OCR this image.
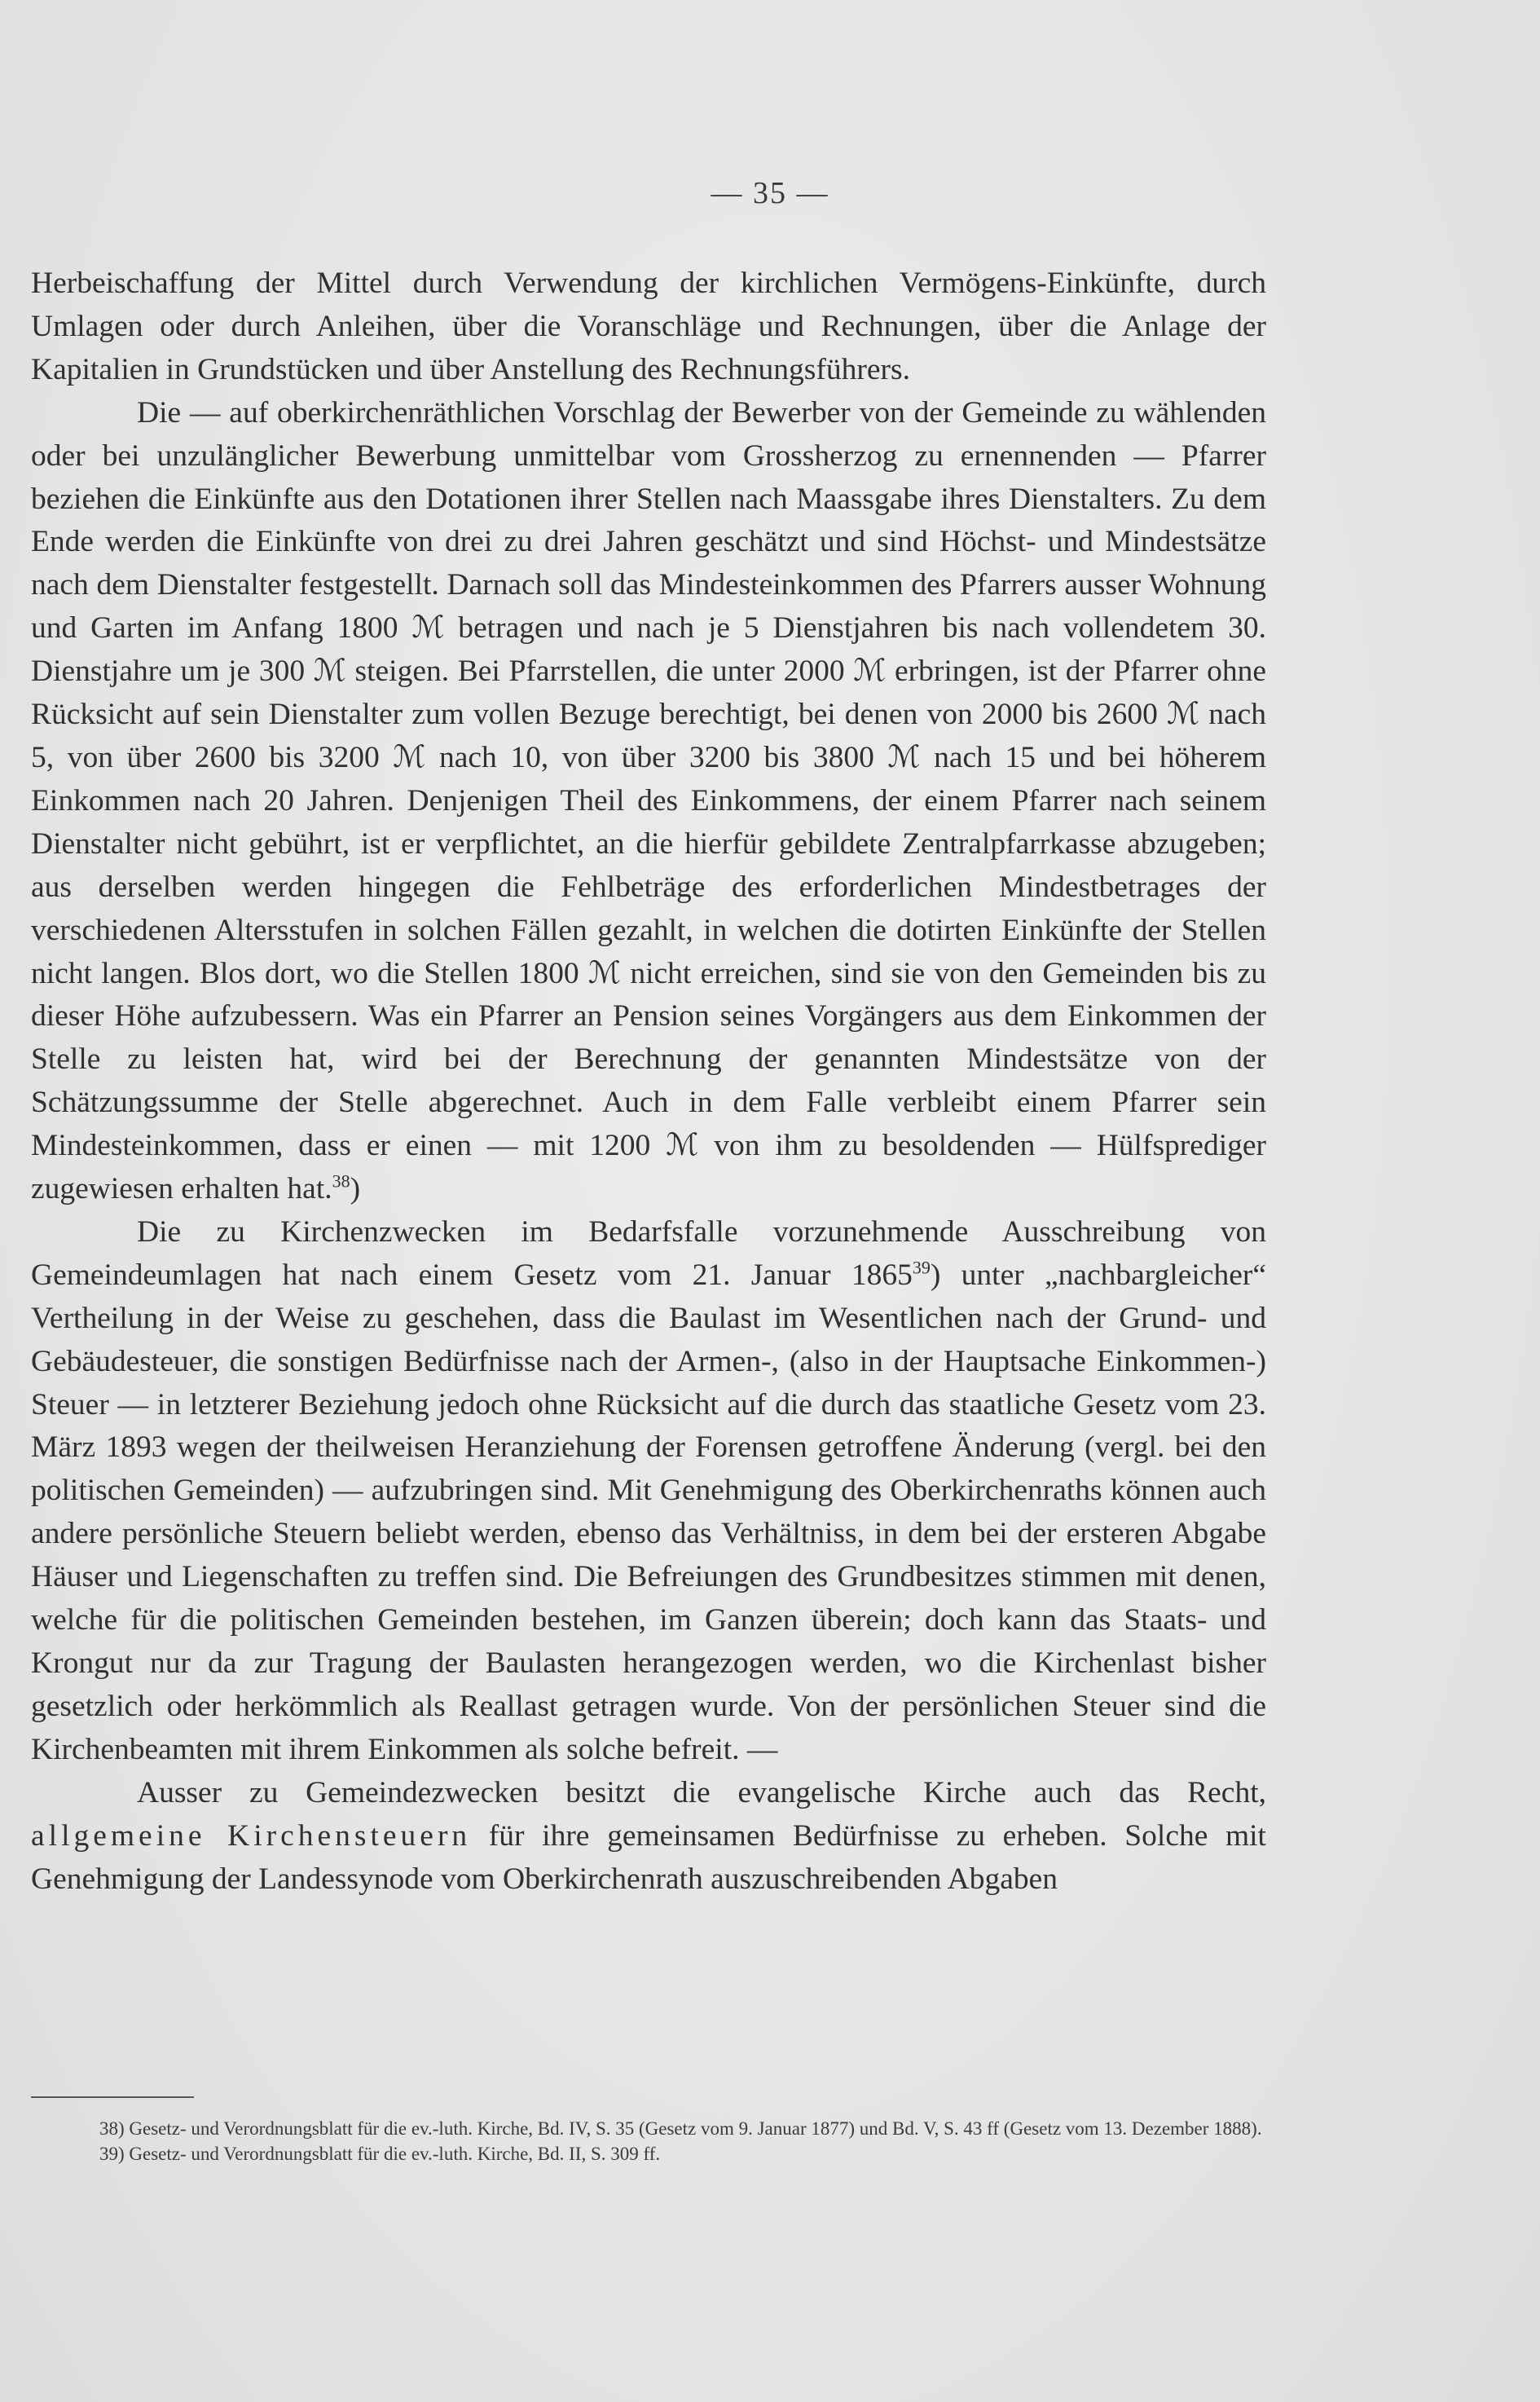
— 35 —

Herbeischaffung der Mittel durch Verwendung der kirchlichen Vermögens-Einkünfte, durch Umlagen oder durch Anleihen, über die Voranschläge und Rechnungen, über die Anlage der Kapitalien in Grundstücken und über Anstellung des Rechnungsführers.

Die — auf oberkirchenräthlichen Vorschlag der Bewerber von der Gemeinde zu wählenden oder bei unzulänglicher Bewerbung unmittelbar vom Grossherzog zu ernennenden — Pfarrer beziehen die Einkünfte aus den Dotationen ihrer Stellen nach Maassgabe ihres Dienstalters. Zu dem Ende werden die Einkünfte von drei zu drei Jahren geschätzt und sind Höchst- und Mindestsätze nach dem Dienstalter festgestellt. Darnach soll das Mindesteinkommen des Pfarrers ausser Wohnung und Garten im Anfang 1800 ℳ betragen und nach je 5 Dienstjahren bis nach vollendetem 30. Dienstjahre um je 300 ℳ steigen. Bei Pfarrstellen, die unter 2000 ℳ erbringen, ist der Pfarrer ohne Rücksicht auf sein Dienstalter zum vollen Bezuge berechtigt, bei denen von 2000 bis 2600 ℳ nach 5, von über 2600 bis 3200 ℳ nach 10, von über 3200 bis 3800 ℳ nach 15 und bei höherem Einkommen nach 20 Jahren. Denjenigen Theil des Einkommens, der einem Pfarrer nach seinem Dienstalter nicht gebührt, ist er verpflichtet, an die hierfür gebildete Zentralpfarrkasse abzugeben; aus derselben werden hingegen die Fehlbeträge des erforderlichen Mindestbetrages der verschiedenen Altersstufen in solchen Fällen gezahlt, in welchen die dotirten Einkünfte der Stellen nicht langen. Blos dort, wo die Stellen 1800 ℳ nicht erreichen, sind sie von den Gemeinden bis zu dieser Höhe aufzubessern. Was ein Pfarrer an Pension seines Vorgängers aus dem Einkommen der Stelle zu leisten hat, wird bei der Berechnung der genannten Mindestsätze von der Schätzungssumme der Stelle abgerechnet. Auch in dem Falle verbleibt einem Pfarrer sein Mindesteinkommen, dass er einen — mit 1200 ℳ von ihm zu besoldenden — Hülfsprediger zugewiesen erhalten hat.$^{38}$)

Die zu Kirchenzwecken im Bedarfsfalle vorzunehmende Ausschreibung von Gemeindeumlagen hat nach einem Gesetz vom 21. Januar 1865$^{39}$) unter „nachbargleicher“ Vertheilung in der Weise zu geschehen, dass die Baulast im Wesentlichen nach der Grund- und Gebäudesteuer, die sonstigen Bedürfnisse nach der Armen-, (also in der Hauptsache Einkommen-) Steuer — in letzterer Beziehung jedoch ohne Rücksicht auf die durch das staatliche Gesetz vom 23. März 1893 wegen der theilweisen Heranziehung der Forensen getroffene Änderung (vergl. bei den politischen Gemeinden) — aufzubringen sind. Mit Genehmigung des Oberkirchenraths können auch andere persönliche Steuern beliebt werden, ebenso das Verhältniss, in dem bei der ersteren Abgabe Häuser und Liegenschaften zu treffen sind. Die Befreiungen des Grundbesitzes stimmen mit denen, welche für die politischen Gemeinden bestehen, im Ganzen überein; doch kann das Staats- und Krongut nur da zur Tragung der Baulasten herangezogen werden, wo die Kirchenlast bisher gesetzlich oder herkömmlich als Reallast getragen wurde. Von der persönlichen Steuer sind die Kirchenbeamten mit ihrem Einkommen als solche befreit. —

Ausser zu Gemeindezwecken besitzt die evangelische Kirche auch das Recht, allgemeine Kirchensteuern für ihre gemeinsamen Bedürfnisse zu erheben. Solche mit Genehmigung der Landessynode vom Oberkirchenrath auszuschreibenden Abgaben

38) Gesetz- und Verordnungsblatt für die ev.-luth. Kirche, Bd. IV, S. 35 (Gesetz vom 9. Januar 1877) und Bd. V, S. 43 ff (Gesetz vom 13. Dezember 1888).

39) Gesetz- und Verordnungsblatt für die ev.-luth. Kirche, Bd. II, S. 309 ff.
